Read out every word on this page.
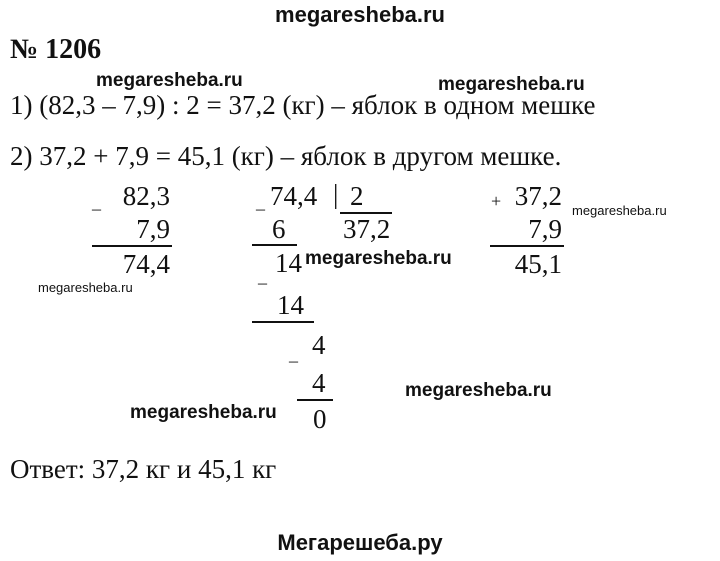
megaresheba.ru
№ 1206
megaresheba.ru	megaresheba.ru
megaresheba.ru
megaresheba.ru
megaresheba.ru
megaresheba.ru
megaresheba.ru
1) (82,3 – 7,9) : 2 = 37,2 (кг) – яблок в одном мешке
2) 37,2 + 7,9 = 45,1 (кг) – яблок в другом мешке.
_ 82,3
7,9
74,4
_ 74,4 | 2
37,2
6
_ 14
14
_ 4
4
0
+ 37,2
7,9
45,1
Ответ: 37,2 кг и 45,1 кг
Мегарешеба.ру
